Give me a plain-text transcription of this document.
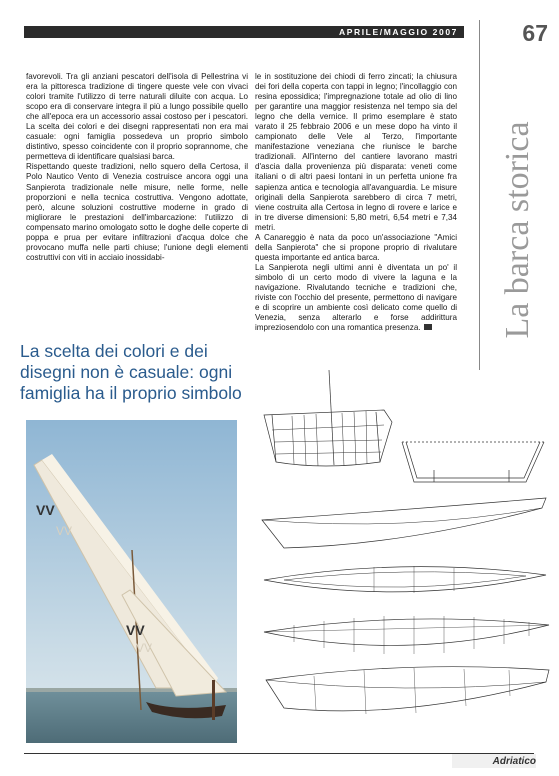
APRILE/MAGGIO 2007	67
La barca storica

favorevoli. Tra gli anziani pescatori dell'isola di Pellestrina vi era la pittoresca tradizione di tingere queste vele con vivaci colori tramite l'utilizzo di terre naturali diluite con acqua. Lo scopo era di conservare integra il più a lungo possibile quello che all'epoca era un accessorio assai costoso per i pescatori. La scelta dei colori e dei disegni rappresentati non era mai casuale: ogni famiglia possedeva un proprio simbolo distintivo, spesso coincidente con il proprio soprannome, che permetteva di identificare qualsiasi barca.

Rispettando queste tradizioni, nello squero della Certosa, il Polo Nautico Vento di Venezia costruisce ancora oggi una Sanpierota tradizionale nelle misure, nelle forme, nelle proporzioni e nella tecnica costruttiva. Vengono adottate, però, alcune soluzioni costruttive moderne in grado di migliorare le prestazioni dell'imbarcazione: l'utilizzo di compensato marino omologato sotto le doghe delle coperte di poppa e prua per evitare infiltrazioni d'acqua dolce che provocano muffa nelle parti chiuse; l'unione degli elementi costruttivi con viti in acciaio inossidabi-

le in sostituzione dei chiodi di ferro zincati; la chiusura dei fori della coperta con tappi in legno; l'incollaggio con resina epossidica; l'impregnazione totale ad olio di lino per garantire una maggior resistenza nel tempo sia del legno che della vernice. Il primo esemplare è stato varato il 25 febbraio 2006 e un mese dopo ha vinto il campionato delle Vele al Terzo, l'importante manifestazione veneziana che riunisce le barche tradizionali. All'interno del cantiere lavorano mastri d'ascia dalla provenienza più disparata: veneti come italiani o di altri paesi lontani in un perfetta unione fra sapienza antica e tecnologia all'avanguardia. Le misure originali della Sanpierota sarebbero di circa 7 metri, viene costruita alla Certosa in legno di rovere e larice e in tre diverse dimensioni: 5,80 metri, 6,54 metri e 7,34 metri.

A Canareggio è nata da poco un'associazione "Amici della Sanpierota" che si propone proprio di rivalutare questa importante ed antica barca.

La Sanpierota negli ultimi anni è diventata un po' il simbolo di un certo modo di vivere la laguna e la navigazione. Rivalutando tecniche e tradizioni che, riviste con l'occhio del presente, permettono di navigare e di scoprire un ambiente così delicato come quello di Venezia, senza alterarlo e forse addirittura impreziosendolo con una romantica presenza.

La scelta dei colori e dei disegni non è casuale: ogni famiglia ha il proprio simbolo
VV
VV
VV
VV
Adriatico
